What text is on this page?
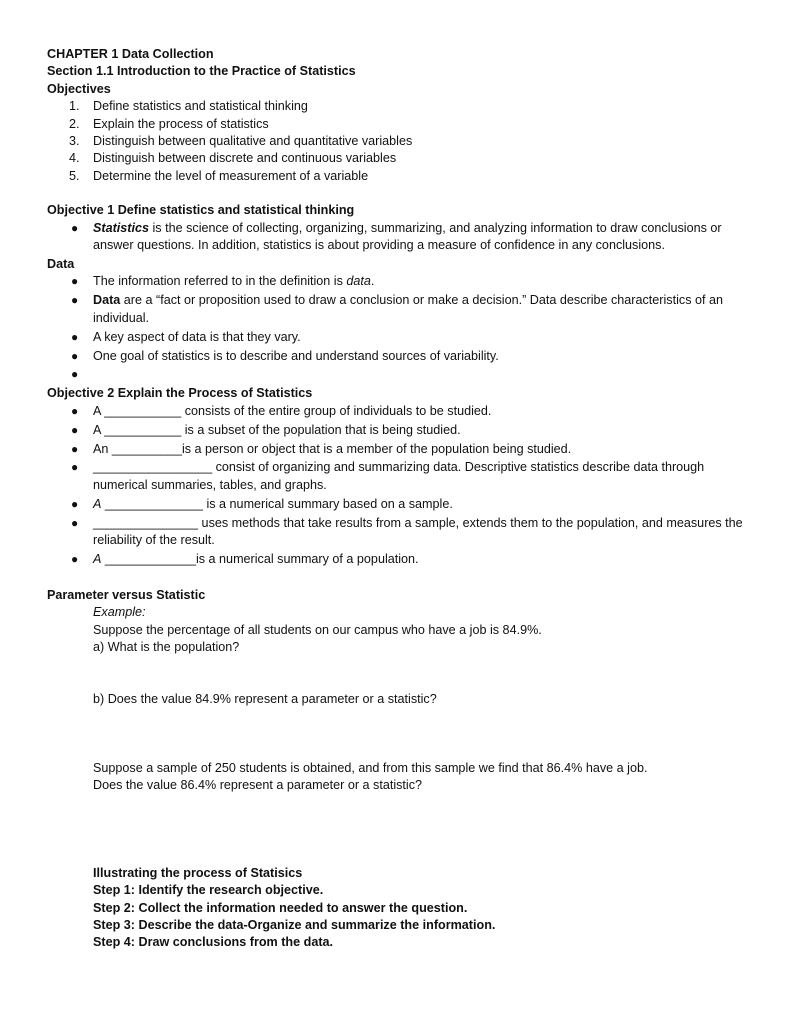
CHAPTER 1 Data Collection

Section 1.1 Introduction to the Practice of Statistics

Objectives

1. Define statistics and statistical thinking
2. Explain the process of statistics
3. Distinguish between qualitative and quantitative variables
4. Distinguish between discrete and continuous variables
5. Determine the level of measurement of a variable

Objective 1 Define statistics and statistical thinking

● Statistics is the science of collecting, organizing, summarizing, and analyzing information to draw conclusions or answer questions. In addition, statistics is about providing a measure of confidence in any conclusions.

Data

● The information referred to in the definition is data.
● Data are a “fact or proposition used to draw a conclusion or make a decision.” Data describe characteristics of an individual.
● A key aspect of data is that they vary.
● One goal of statistics is to describe and understand sources of variability.
●

Objective 2 Explain the Process of Statistics

● A ___________ consists of the entire group of individuals to be studied.
● A ___________ is a subset of the population that is being studied.
● An __________is a person or object that is a member of the population being studied.
● _________________ consist of organizing and summarizing data. Descriptive statistics describe data through numerical summaries, tables, and graphs.
● A ______________ is a numerical summary based on a sample.
● _______________ uses methods that take results from a sample, extends them to the population, and measures the reliability of the result.
● A _____________is a numerical summary of a population.

Parameter versus Statistic

Example:

Suppose the percentage of all students on our campus who have a job is 84.9%.

a) What is the population?

b) Does the value 84.9% represent a parameter or a statistic?

Suppose a sample of 250 students is obtained, and from this sample we find that 86.4% have a job.

Does the value 86.4% represent a parameter or a statistic?

Illustrating the process of Statisics

Step 1: Identify the research objective.

Step 2: Collect the information needed to answer the question.

Step 3: Describe the data-Organize and summarize the information.

Step 4: Draw conclusions from the data.
